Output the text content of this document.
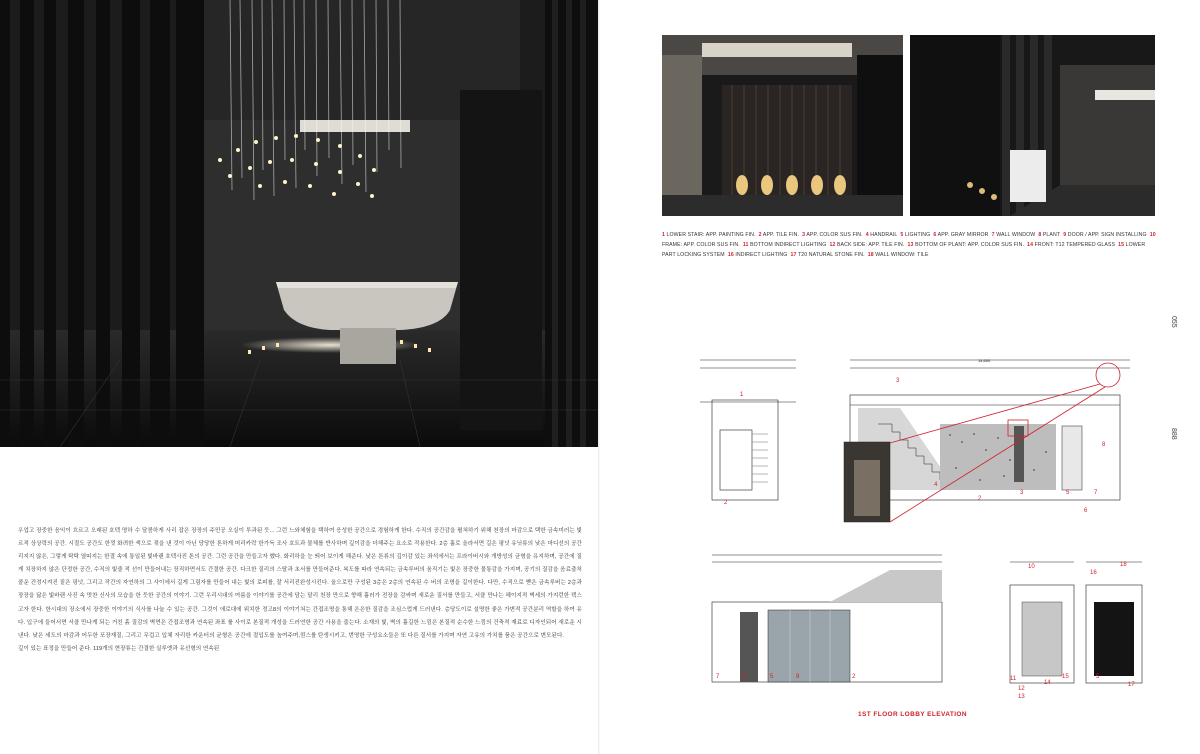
우업고 장중한 음익이 흐르고 오래된 호텍 명하 수 달콤하게 사리 잡은 장장의 주민공 오실이 투과된 듯... 그런 느와르적 상상력의 공간. 시절도 공간도 한껏 화려한 색으로 젖을 낸 것이 아닌 당당한 톤하게 머리카락 한가득 조사 호트리지지 않은, 그렇게 탁탁 열띠지는 한결 속에 통일된 빛바랜 호텍사진 톤의 공간. 그런 공간을 만들고자 했다. 화리하게 치장하지 않은 단정한 공간, 수직의 빛줄 적 선이 만들어내는 장직하면서도 간결한 공간. 다크한 질리의 스탈과 초콜운 건정시켜진 짙은 핑넛, 그리고 작간의 자연하의 그 사이에서 길게 그림자를 만들어 내는 빛의 로피를, 잘 서리진 장장을 닮은 빛바랜 사진 속 멋찬 신사의 모습을 한 듯한 공간의 이야기. 그런 우리시대의 여름을 이야기를 공간에 담고자 한다. 한시대의 장소에서 장중한 이야기의 식사를 나눌 수 있는 공간. 그것이 애로대에 위치한 정고8의 이야기다. 입구에 들어서면 서클 만나게 되는 거친 흙 질감의 벽면은 간접조명과 연속된 좌표 룰 사이로 본질적 개성을 드러낸다. 낮은 세도의 마감과 어두한 포장재질, 그리고 무겁고 입체 자리한 카운터의 균형은 공간에 절입도를 높여주며, 깊이 있는 표정을 만들어 준다. 119개의 현장튜는 간결한 실루엣과 유선형의 연속된
체험을 택하여 응성한 공간으로 경험하게 한다. 수직의 공간감을 펼쳐하기 위해 천장의 마감으로 택한 금속미러는 빛과 물체를 반사하며 깊이감을 더해주는 요소로 작용한다. 2층 흘로 올라서면 길은 평넛 유닛류의 낮은 마디선의 공간을 눈 띄어 보이게 해준다. 낮은 톤류의 깊이감 있는 좌석에서는 프라이버시와 개방성의 균형을 유지하며, 공간에 질서를 만들어준다. 복도를 따라 연속되는 금속루버의 움직기는 빛은 장중한 물통감을 가지며, 공기의 질감을 음료출처 완성시킨다. 올으로만 구성된 3층은 2층의 연속된 수 버의 조명을 길이한다. 다만, 수직으로 뻗은 금속루버는 2층과는 달리 천장 만으로 향해 흘러가 전장을 감싸며 새로운 질서를 만들고, 서클 만나는 헤이지적 벽세의 가지런한 텍스쳐는 간접조명을 통해 은은한 질감을 조심스럽게 드러낸다. 층당도이로 설명한 좋은 가변적 공간분리 역할을 하여 유연한 공간 사용을 줍는다. 소재의 빛, 벽의 흘길한 느낌은 본질적 순수한 느낌의 건축적 재료로 디자인되어 새로운 시퀀스를 탄생시키고, 번영한 구성요소들은 또 다른 질서를 가지며 자연 고유의 가치를 품은 공간으로 변모된다.
1 LOWER STAIR: APP. PAINTING FIN. 2 APP. TILE FIN. 3 APP. COLOR SUS FIN. 4 HANDRAIL 5 LIGHTING 6 APP. GRAY MIRROR 7 WALL WINDOW 8 PLANT 9 DOOR / APP. SIGN INSTALLING 10 FRAME: APP. COLOR SUS FIN. 11 BOTTOM INDIRECT LIGHTING 12 BACK SIDE: APP. TILE FIN. 13 BOTTOM OF PLANT: APP. COLOR SUS FIN. 14 FRONT: T12 TEMPERED GLASS 15 LOWER PART LOCKING SYSTEM 16 INDIRECT LIGHTING 17 T20 NATURAL STONE FIN. 18 WALL WINDOW: TILE
055
888
14,600
3
1
4
2
2
3	5	7
6
8
7	8	5	9	2
10
11
12
13
14
15
16
18
5
17
1ST FLOOR LOBBY ELEVATION
